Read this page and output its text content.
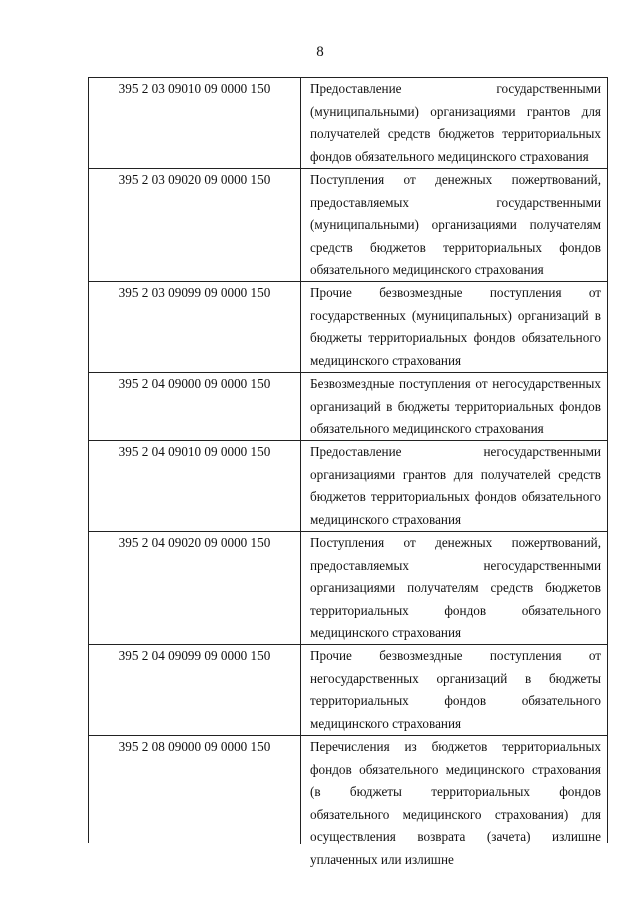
8
395 2 03 09010 09 0000 150	Предоставление государственными (муниципальными) организациями грантов для получателей средств бюджетов территориальных фондов обязательного медицинского страхования
395 2 03 09020 09 0000 150	Поступления от денежных пожертвований, предоставляемых государственными (муниципальными) организациями получателям средств бюджетов территориальных фондов обязательного медицинского страхования
395 2 03 09099 09 0000 150	Прочие безвозмездные поступления от государственных (муниципальных) организаций в бюджеты территориальных фондов обязательного медицинского страхования
395 2 04 09000 09 0000 150	Безвозмездные поступления от негосударственных организаций в бюджеты территориальных фондов обязательного медицинского страхования
395 2 04 09010 09 0000 150	Предоставление негосударственными организациями грантов для получателей средств бюджетов территориальных фондов обязательного медицинского страхования
395 2 04 09020 09 0000 150	Поступления от денежных пожертвований, предоставляемых негосударственными организациями получателям средств бюджетов территориальных фондов обязательного медицинского страхования
395 2 04 09099 09 0000 150	Прочие безвозмездные поступления от негосударственных организаций в бюджеты территориальных фондов обязательного медицинского страхования
395 2 08 09000 09 0000 150	Перечисления из бюджетов территориальных фондов обязательного медицинского страхования (в бюджеты территориальных фондов обязательного медицинского страхования) для осуществления возврата (зачета) излишне уплаченных или излишне
